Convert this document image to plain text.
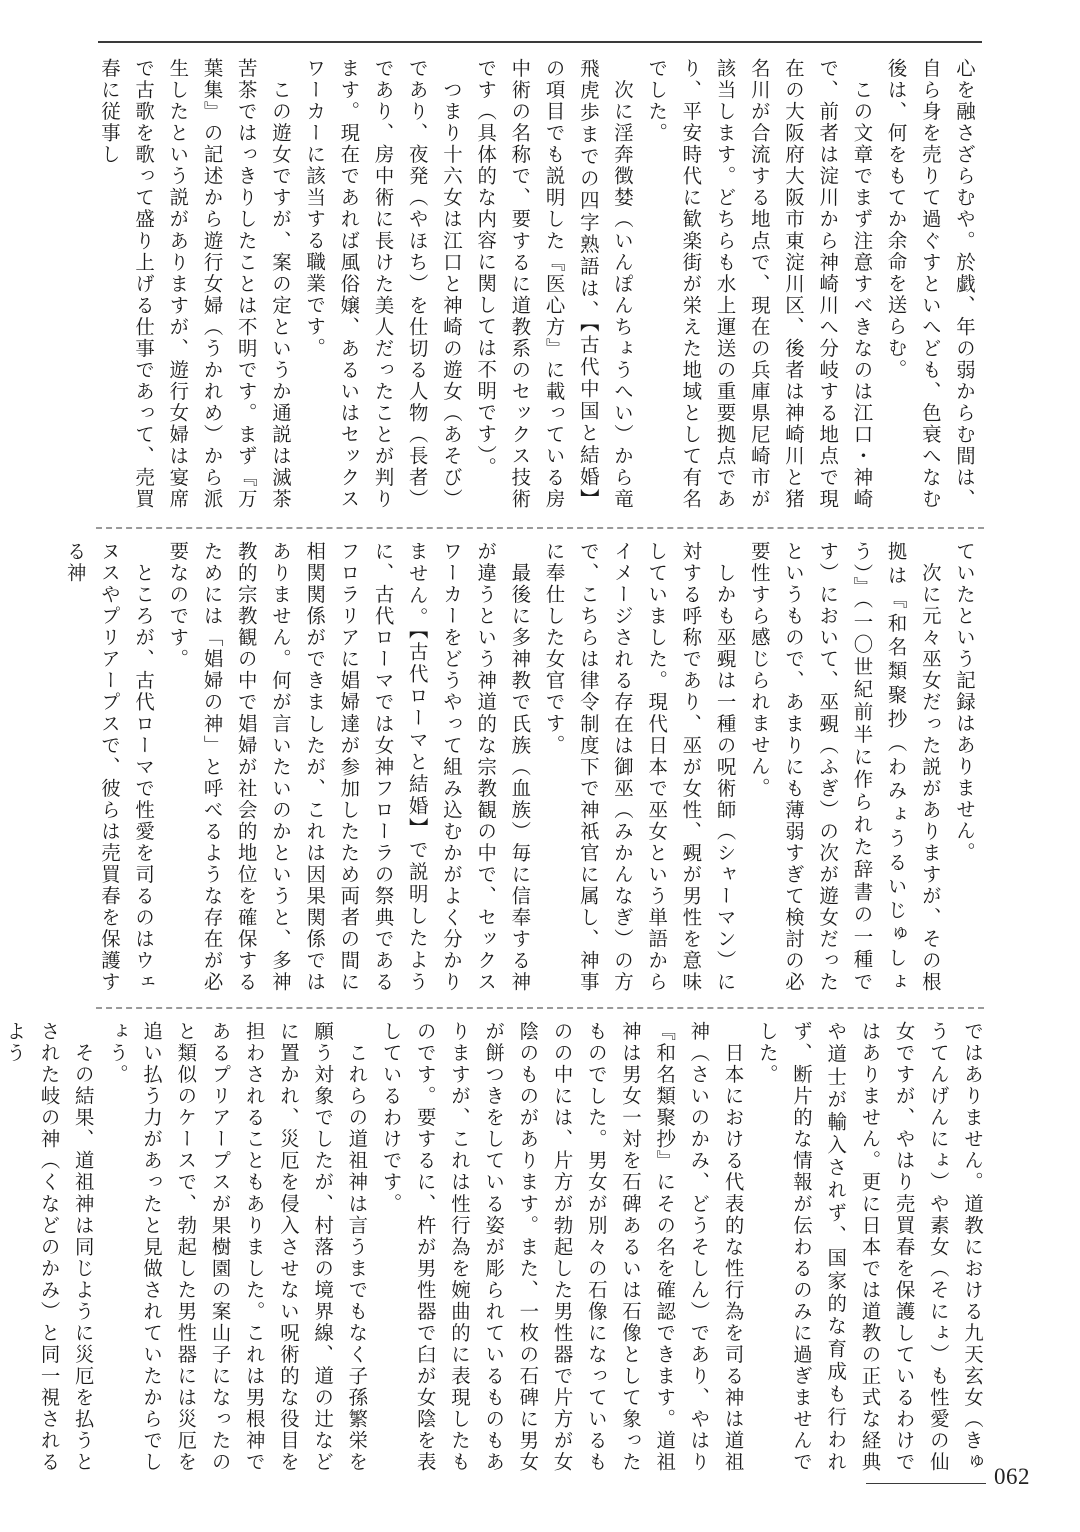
心を融さざらむや。於戯、年の弱からむ間は、自ら身を売りて過ぐすといへども、色衰へなむ後は、何をもてか余命を送らむ。

　この文章でまず注意すべきなのは江口・神崎で、前者は淀川から神崎川へ分岐する地点で現在の大阪府大阪市東淀川区、後者は神崎川と猪名川が合流する地点で、現在の兵庫県尼崎市が該当します。どちらも水上運送の重要拠点であり、平安時代に歓楽街が栄えた地域として有名でした。

　次に淫奔徴婪（いんぽんちょうへい）から竜飛虎歩までの四字熟語は、【古代中国と結婚】の項目でも説明した『医心方』に載っている房中術の名称で、要するに道教系のセックス技術です（具体的な内容に関しては不明です）。

　つまり十六女は江口と神崎の遊女（あそび）であり、夜発（やほち）を仕切る人物（長者）であり、房中術に長けた美人だったことが判ります。現在であれば風俗嬢、あるいはセックスワーカーに該当する職業です。

　この遊女ですが、案の定というか通説は滅茶苦茶ではっきりしたことは不明です。まず『万葉集』の記述から遊行女婦（うかれめ）から派生したという説がありますが、遊行女婦は宴席で古歌を歌って盛り上げる仕事であって、売買春に従事し

ていたという記録はありません。

　次に元々巫女だった説がありますが、その根拠は『和名類聚抄（わみょうるいじゅしょう）』（一〇世紀前半に作られた辞書の一種です）において、巫覡（ふぎ）の次が遊女だったというもので、あまりにも薄弱すぎて検討の必要性すら感じられません。

　しかも巫覡は一種の呪術師（シャーマン）に対する呼称であり、巫が女性、覡が男性を意味していました。現代日本で巫女という単語からイメージされる存在は御巫（みかんなぎ）の方で、こちらは律令制度下で神祇官に属し、神事に奉仕した女官です。

　最後に多神教で氏族（血族）毎に信奉する神が違うという神道的な宗教観の中で、セックスワーカーをどうやって組み込むかがよく分かりません。【古代ローマと結婚】で説明したように、古代ローマでは女神フローラの祭典であるフロラリアに娼婦達が参加したため両者の間に相関関係ができましたが、これは因果関係ではありません。何が言いたいのかというと、多神教的宗教観の中で娼婦が社会的地位を確保するためには「娼婦の神」と呼べるような存在が必要なのです。

　ところが、古代ローマで性愛を司るのはウェヌスやプリアープスで、彼らは売買春を保護する神

ではありません。道教における九天玄女（きゅうてんげんにょ）や素女（そにょ）も性愛の仙女ですが、やはり売買春を保護しているわけではありません。更に日本では道教の正式な経典や道士が輸入されず、国家的な育成も行われず、断片的な情報が伝わるのみに過ぎませんでした。

　日本における代表的な性行為を司る神は道祖神（さいのかみ、どうそしん）であり、やはり『和名類聚抄』にその名を確認できます。道祖神は男女一対を石碑あるいは石像として象ったものでした。男女が別々の石像になっているものの中には、片方が勃起した男性器で片方が女陰のものがあります。また、一枚の石碑に男女が餅つきをしている姿が彫られているものもありますが、これは性行為を婉曲的に表現したものです。要するに、杵が男性器で臼が女陰を表しているわけです。

　これらの道祖神は言うまでもなく子孫繁栄を願う対象でしたが、村落の境界線、道の辻などに置かれ、災厄を侵入させない呪術的な役目を担わされることもありました。これは男根神であるプリアープスが果樹園の案山子になったのと類似のケースで、勃起した男性器には災厄を追い払う力があったと見做されていたからでしょう。

　その結果、道祖神は同じように災厄を払うとされた岐の神（くなどのかみ）と同一視されるよう

062
